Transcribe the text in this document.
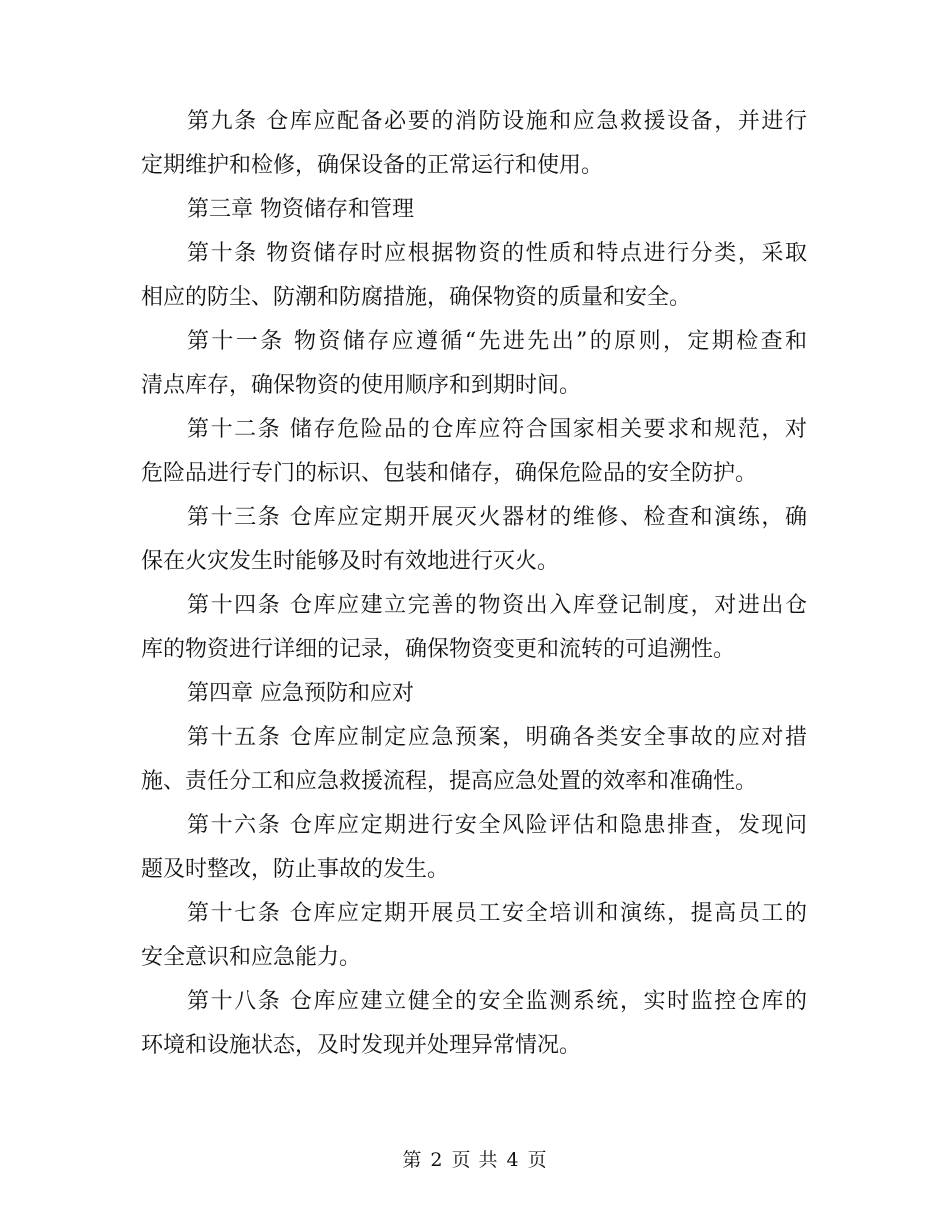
第九条 仓库应配备必要的消防设施和应急救援设备，并进行
定期维护和检修，确保设备的正常运行和使用。
第三章 物资储存和管理
第十条 物资储存时应根据物资的性质和特点进行分类，采取
相应的防尘、防潮和防腐措施，确保物资的质量和安全。
第十一条 物资储存应遵循“先进先出”的原则，定期检查和
清点库存，确保物资的使用顺序和到期时间。
第十二条 储存危险品的仓库应符合国家相关要求和规范，对
危险品进行专门的标识、包装和储存，确保危险品的安全防护。
第十三条 仓库应定期开展灭火器材的维修、检查和演练，确
保在火灾发生时能够及时有效地进行灭火。
第十四条 仓库应建立完善的物资出入库登记制度，对进出仓
库的物资进行详细的记录，确保物资变更和流转的可追溯性。
第四章 应急预防和应对
第十五条 仓库应制定应急预案，明确各类安全事故的应对措
施、责任分工和应急救援流程，提高应急处置的效率和准确性。
第十六条 仓库应定期进行安全风险评估和隐患排查，发现问
题及时整改，防止事故的发生。
第十七条 仓库应定期开展员工安全培训和演练，提高员工的
安全意识和应急能力。
第十八条 仓库应建立健全的安全监测系统，实时监控仓库的
环境和设施状态，及时发现并处理异常情况。
第 2 页 共 4 页
